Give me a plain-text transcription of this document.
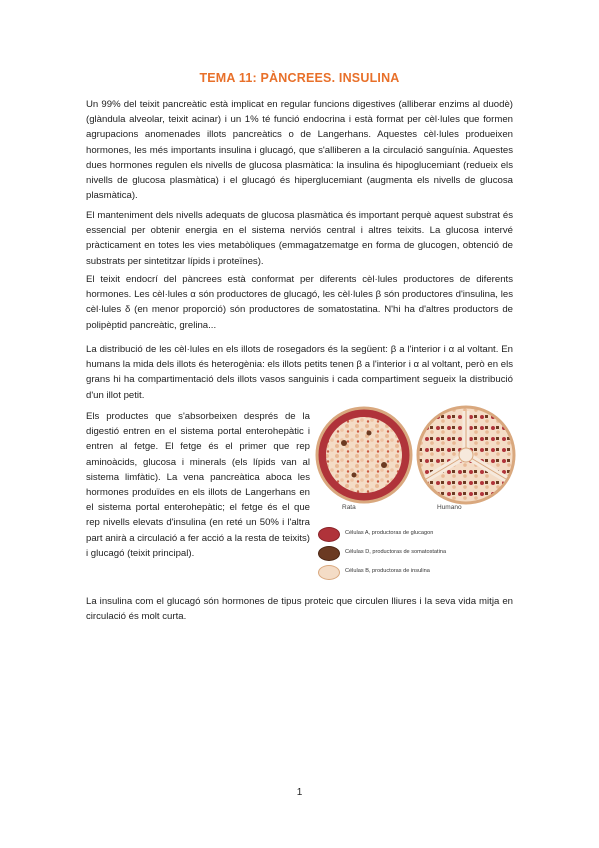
TEMA 11: PÀNCREES. INSULINA

Un 99% del teixit pancreàtic està implicat en regular funcions digestives (alliberar enzims al duodè) (glàndula alveolar, teixit acinar) i un 1% té funció endocrina i està format per cèl·lules que formen agrupacions anomenades illots pancreàtics o de Langerhans. Aquestes cèl·lules produeixen hormones, les més importants insulina i glucagó, que s'alliberen a la circulació sanguínia. Aquestes dues hormones regulen els nivells de glucosa plasmàtica: la insulina és hipoglucemiant (redueix els nivells de glucosa plasmàtica) i el glucagó és hiperglucemiant (augmenta els nivells de glucosa plasmàtica).

El manteniment dels nivells adequats de glucosa plasmàtica és important perquè aquest substrat és essencial per obtenir energia en el sistema nerviós central i altres teixits. La glucosa intervé pràcticament en totes les vies metabòliques (emmagatzematge en forma de glucogen, obtenció de substrats per sintetitzar lípids i proteïnes).

El teixit endocrí del pàncrees està conformat per diferents cèl·lules productores de diferents hormones. Les cèl·lules α són productores de glucagó, les cèl·lules β són productores d'insulina, les cèl·lules δ (en menor proporció) són productores de somatostatina. N'hi ha d'altres productors de polipèptid pancreàtic, grelina...

La distribució de les cèl·lules en els illots de rosegadors és la següent: β a l'interior i α al voltant. En humans la mida dels illots és heterogènia: els illots petits tenen β a l'interior i α al voltant, però en els grans hi ha compartimentació dels illots vasos sanguinis i cada compartiment segueix la distribució d'un illot petit.

Els productes que s'absorbeixen després de la digestió entren en el sistema portal enterohepàtic i entren al fetge. El fetge és el primer que rep aminoàcids, glucosa i minerals (els lípids van al sistema limfàtic). La vena pancreàtica aboca les hormones produïdes en els illots de Langerhans en el sistema portal enterohepàtic; el fetge és el que rep nivells elevats d'insulina (en reté un 50% i l'altra part anirà a circulació a fer acció a la resta de teixits) i glucagó (teixit principal).

Rata	Humano
Células A, productoras de glucagon
Células D, productoras de somatostatina
Células B, productoras de insulina

La insulina com el glucagó són hormones de tipus proteic que circulen lliures i la seva vida mitja en circulació és molt curta.

1
